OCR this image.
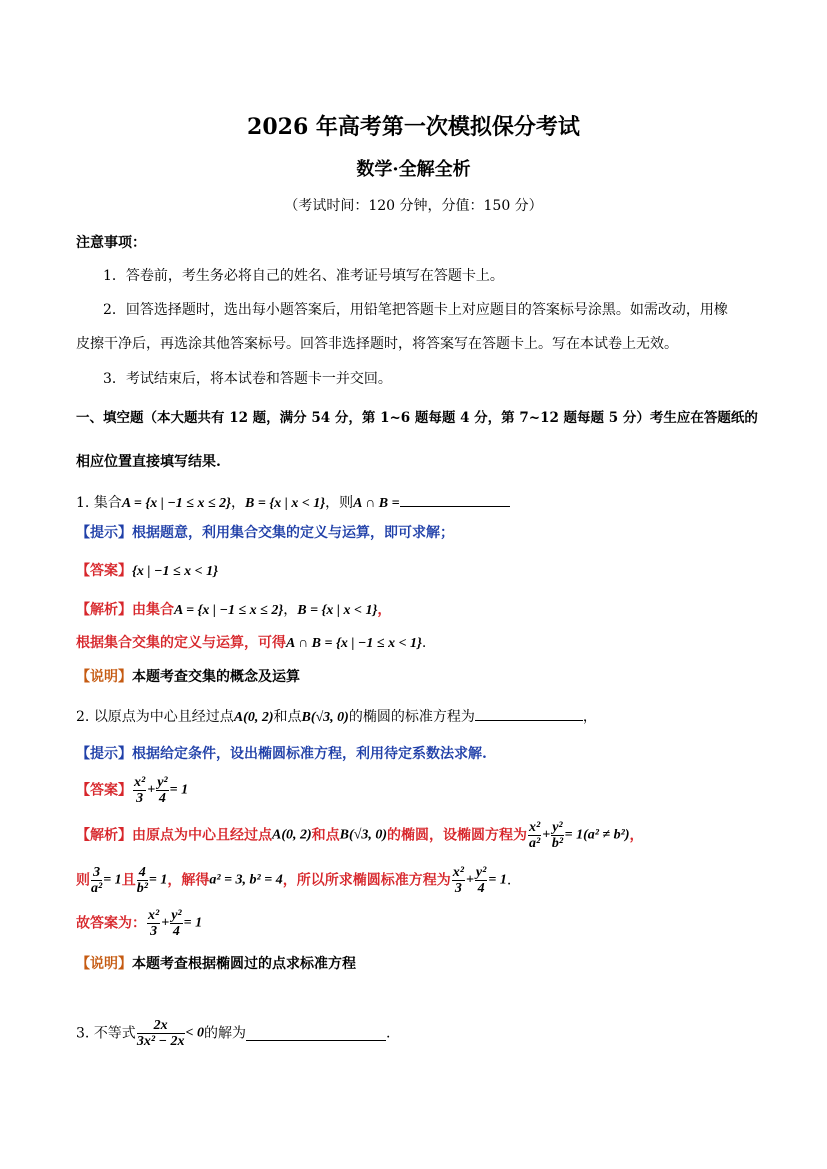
2026 年高考第一次模拟保分考试
数学·全解全析
（考试时间：120 分钟，分值：150 分）
注意事项：
1．答卷前，考生务必将自己的姓名、准考证号填写在答题卡上。
2．回答选择题时，选出每小题答案后，用铅笔把答题卡上对应题目的答案标号涂黑。如需改动，用橡
皮擦干净后，再选涂其他答案标号。回答非选择题时，将答案写在答题卡上。写在本试卷上无效。
3．考试结束后，将本试卷和答题卡一并交回。
一、填空题（本大题共有 12 题，满分 54 分，第 1~6 题每题 4 分，第 7~12 题每题 5 分）考生应在答题纸的
相应位置直接填写结果.
1. 集合A = {x | −1 ≤ x ≤ 2}，B = {x | x < 1}，则A ∩ B =
【提示】根据题意，利用集合交集的定义与运算，即可求解；
【答案】{x | −1 ≤ x < 1}
【解析】由集合A = {x | −1 ≤ x ≤ 2}，B = {x | x < 1}，
根据集合交集的定义与运算，可得A ∩ B = {x | −1 ≤ x < 1}.
【说明】本题考查交集的概念及运算
2. 以原点为中心且经过点A(0, 2)和点B(√3, 0)的椭圆的标准方程为	，
【提示】根据给定条件，设出椭圆标准方程，利用待定系数法求解.
【答案】 $\frac{\text{x²}}{3} + \frac{\text{y²}}{4} = 1$
【解析】由原点为中心且经过点A(0, 2)和点B(√3, 0)的椭圆，设椭圆方程为 $\frac{\text{x²}}{\text{a²}} + \frac{\text{y²}}{\text{b²}} = 1(a^2 \ne b^2)$，
则 $\frac{3}{\text{a²}} = 1$且 $\frac{4}{\text{b²}} = 1$，解得a² = 3, b² = 4，所以所求椭圆标准方程为 $\frac{\text{x²}}{3} + \frac{\text{y²}}{4} = 1$.
故答案为： $\frac{\text{x²}}{3} + \frac{\text{y²}}{4} = 1$
【说明】本题考查根据椭圆过的点求标准方程
3. 不等式 $\frac{2x}{\text{3x² − 2x}} < 0$的解为	.
